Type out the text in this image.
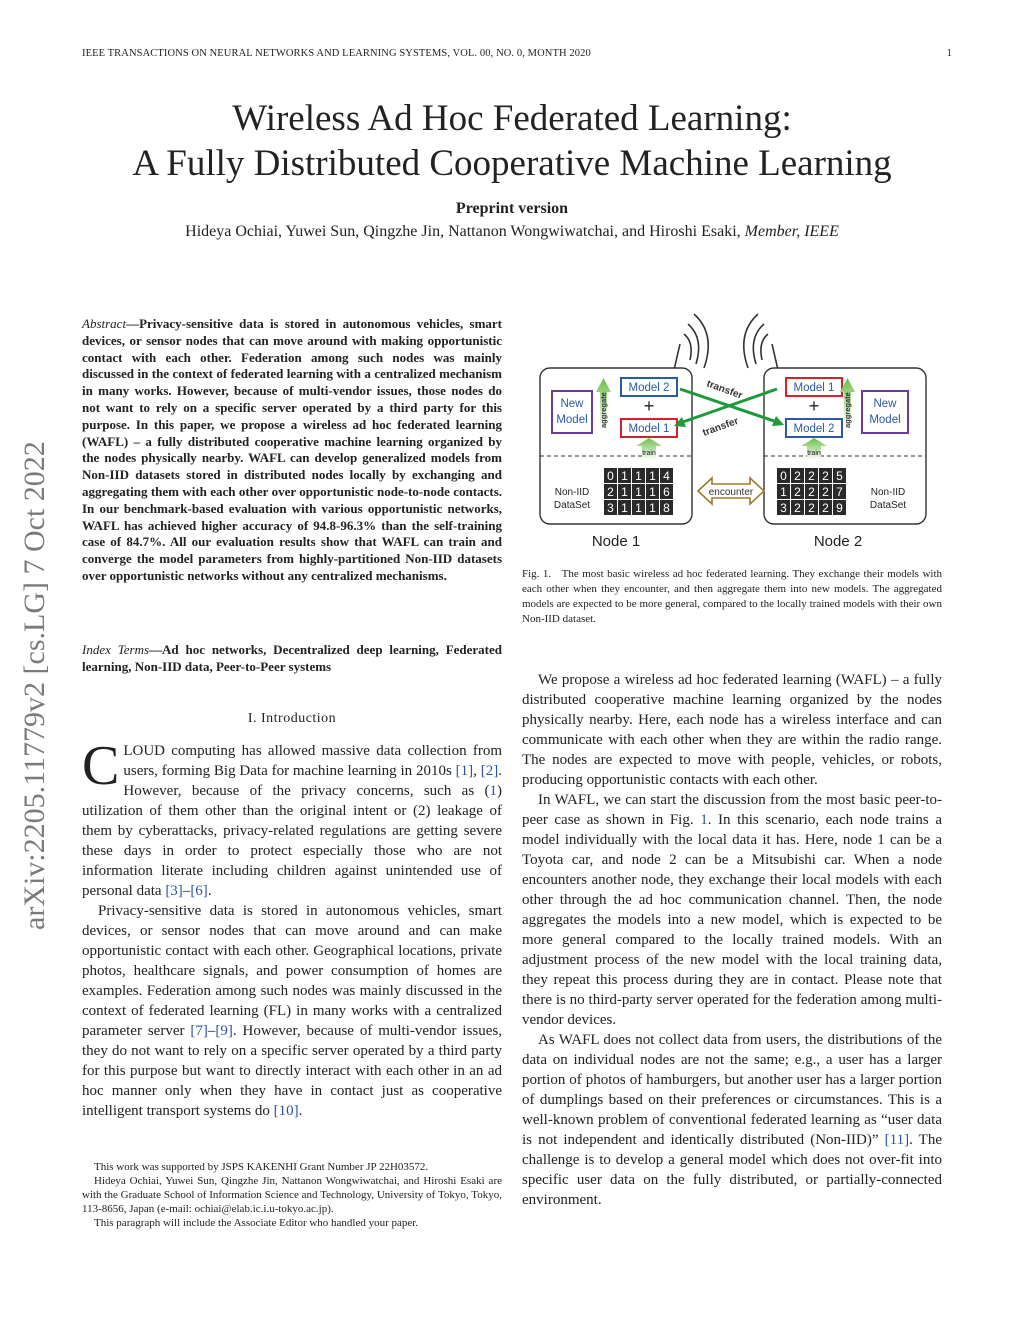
IEEE TRANSACTIONS ON NEURAL NETWORKS AND LEARNING SYSTEMS, VOL. 00, NO. 0, MONTH 2020	1
Wireless Ad Hoc Federated Learning:
A Fully Distributed Cooperative Machine Learning
Preprint version
Hideya Ochiai, Yuwei Sun, Qingzhe Jin, Nattanon Wongwiwatchai, and Hiroshi Esaki, Member, IEEE
arXiv:2205.11779v2 [cs.LG] 7 Oct 2022
Abstract—Privacy-sensitive data is stored in autonomous vehicles, smart devices, or sensor nodes that can move around with making opportunistic contact with each other. Federation among such nodes was mainly discussed in the context of federated learning with a centralized mechanism in many works. However, because of multi-vendor issues, those nodes do not want to rely on a specific server operated by a third party for this purpose. In this paper, we propose a wireless ad hoc federated learning (WAFL) – a fully distributed cooperative machine learning organized by the nodes physically nearby. WAFL can develop generalized models from Non-IID datasets stored in distributed nodes locally by exchanging and aggregating them with each other over opportunistic node-to-node contacts. In our benchmark-based evaluation with various opportunistic networks, WAFL has achieved higher accuracy of 94.8-96.3% than the self-training case of 84.7%. All our evaluation results show that WAFL can train and converge the model parameters from highly-partitioned Non-IID datasets over opportunistic networks without any centralized mechanisms.
Index Terms—Ad hoc networks, Decentralized deep learning, Federated learning, Non-IID data, Peer-to-Peer systems
I. Introduction

CLOUD computing has allowed massive data collection from users, forming Big Data for machine learning in 2010s [1], [2]. However, because of the privacy concerns, such as (1) utilization of them other than the original intent or (2) leakage of them by cyberattacks, privacy-related regulations are getting severe these days in order to protect especially those who are not information literate including children against unintended use of personal data [3]–[6].

Privacy-sensitive data is stored in autonomous vehicles, smart devices, or sensor nodes that can move around and can make opportunistic contact with each other. Geographical locations, private photos, healthcare signals, and power consumption of homes are examples. Federation among such nodes was mainly discussed in the context of federated learning (FL) in many works with a centralized parameter server [7]–[9]. However, because of multi-vendor issues, they do not want to rely on a specific server operated by a third party for this purpose but want to directly interact with each other in an ad hoc manner only when they have in contact just as cooperative intelligent transport systems do [10].

This work was supported by JSPS KAKENHI Grant Number JP 22H03572.

Hideya Ochiai, Yuwei Sun, Qingzhe Jin, Nattanon Wongwiwatchai, and Hiroshi Esaki are with the Graduate School of Information Science and Technology, University of Tokyo, Tokyo, 113-8656, Japan (e-mail: ochiai@elab.ic.i.u-tokyo.ac.jp).

This paragraph will include the Associate Editor who handled your paper.

New
Model aggregate
Model 2
+
Model 1
train
Non-IID
DataSet
0 1 1 1 4
2 1 1 1 6
3 1 1 1 8
Model 1
+
Model 2
aggregate New
Model
train
Non-IID
DataSet
0 2 2 2 5
1 2 2 2 7
3 2 2 2 9
transfer
transfer
encounter
Node 1	Node 2
Fig. 1. The most basic wireless ad hoc federated learning. They exchange their models with each other when they encounter, and then aggregate them into new models. The aggregated models are expected to be more general, compared to the locally trained models with their own Non-IID dataset.

We propose a wireless ad hoc federated learning (WAFL) – a fully distributed cooperative machine learning organized by the nodes physically nearby. Here, each node has a wireless interface and can communicate with each other when they are within the radio range. The nodes are expected to move with people, vehicles, or robots, producing opportunistic contacts with each other.

In WAFL, we can start the discussion from the most basic peer-to-peer case as shown in Fig. 1. In this scenario, each node trains a model individually with the local data it has. Here, node 1 can be a Toyota car, and node 2 can be a Mitsubishi car. When a node encounters another node, they exchange their local models with each other through the ad hoc communication channel. Then, the node aggregates the models into a new model, which is expected to be more general compared to the locally trained models. With an adjustment process of the new model with the local training data, they repeat this process during they are in contact. Please note that there is no third-party server operated for the federation among multi-vendor devices.

As WAFL does not collect data from users, the distributions of the data on individual nodes are not the same; e.g., a user has a larger portion of photos of hamburgers, but another user has a larger portion of dumplings based on their preferences or circumstances. This is a well-known problem of conventional federated learning as “user data is not independent and identically distributed (Non-IID)” [11]. The challenge is to develop a general model which does not over-fit into specific user data on the fully distributed, or partially-connected environment.
